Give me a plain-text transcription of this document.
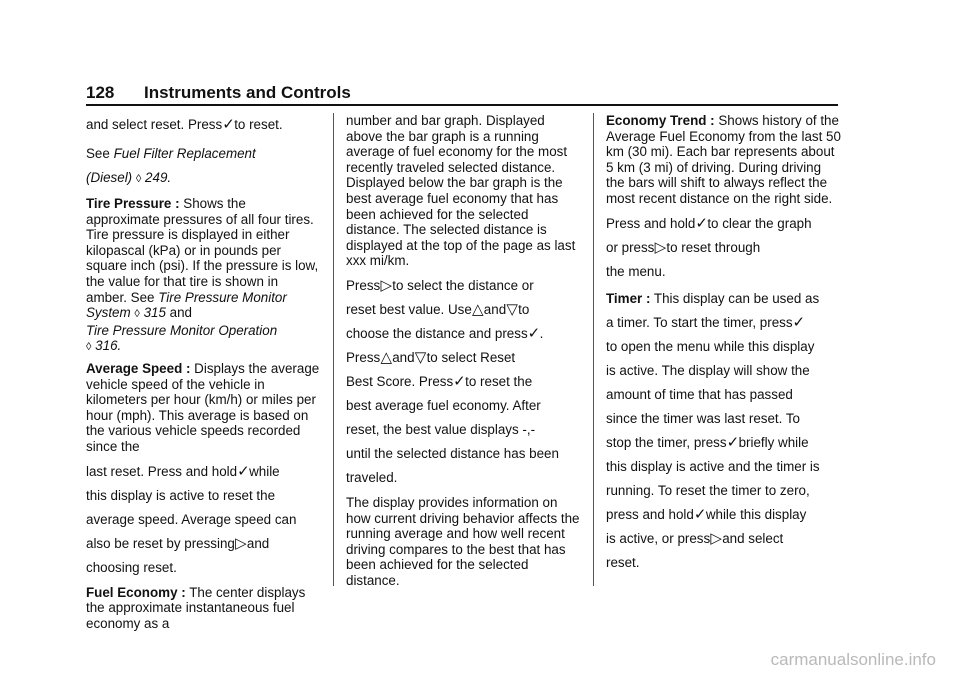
128 Instruments and Controls

and select reset. Press✓to reset.

See Fuel Filter Replacement
(Diesel) ◊ 249.

Tire Pressure : Shows the approximate pressures of all four tires. Tire pressure is displayed in either kilopascal (kPa) or in pounds per square inch (psi). If the pressure is low, the value for that tire is shown in amber. See Tire Pressure Monitor System ◊ 315 and
Tire Pressure Monitor Operation
◊ 316.

Average Speed : Displays the average vehicle speed of the vehicle in kilometers per hour (km/h) or miles per hour (mph). This average is based on the various vehicle speeds recorded since the

last reset. Press and hold✓while
this display is active to reset the
average speed. Average speed can
also be reset by pressing▷and
choosing reset.

Fuel Economy : The center displays the approximate instantaneous fuel economy as a

number and bar graph. Displayed above the bar graph is a running average of fuel economy for the most recently traveled selected distance. Displayed below the bar graph is the best average fuel economy that has been achieved for the selected distance. The selected distance is displayed at the top of the page as last xxx mi/km.

Press▷to select the distance or
reset best value. Use△and▽to
choose the distance and press✓.
Press△and▽to select Reset
Best Score. Press✓to reset the
best average fuel economy. After
reset, the best value displays -,-
until the selected distance has been
traveled.

The display provides information on how current driving behavior affects the running average and how well recent driving compares to the best that has been achieved for the selected distance.

Economy Trend : Shows history of the Average Fuel Economy from the last 50 km (30 mi). Each bar represents about 5 km (3 mi) of driving. During driving the bars will shift to always reflect the most recent distance on the right side.

Press and hold✓to clear the graph
or press▷to reset through
the menu.

Timer : This display can be used as
a timer. To start the timer, press✓
to open the menu while this display
is active. The display will show the
amount of time that has passed
since the timer was last reset. To
stop the timer, press✓briefly while
this display is active and the timer is
running. To reset the timer to zero,
press and hold✓while this display
is active, or press▷and select
reset.

carmanualsonline.info
